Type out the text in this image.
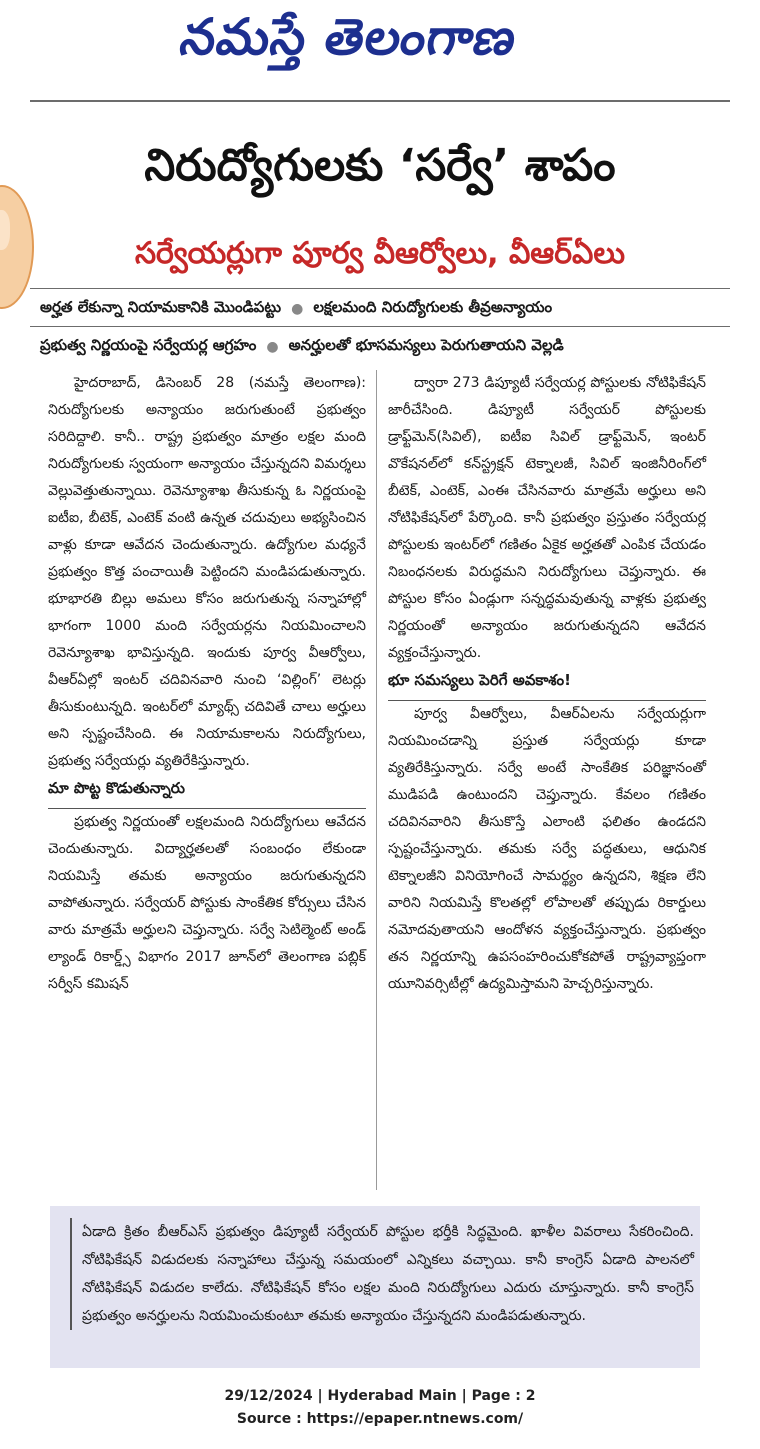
నమస్తే తెలంగాణ
నిరుద్యోగులకు ‘సర్వే’ శాపం
సర్వేయర్లుగా పూర్వ వీఆర్వోలు, వీఆర్‌ఏలు
అర్హత లేకున్నా నియామకానికి మొండిపట్టు ● లక్షలమంది నిరుద్యోగులకు తీవ్రఅన్యాయం
ప్రభుత్వ నిర్ణయంపై సర్వేయర్ల ఆగ్రహం ● అనర్హులతో భూసమస్యలు పెరుగుతాయని వెల్లడి

హైదరాబాద్‌, డిసెంబర్‌ 28 (నమస్తే తెలంగాణ): నిరుద్యోగులకు అన్యాయం జరుగుతుంటే ప్రభుత్వం సరిదిద్దాలి. కానీ.. రాష్ట్ర ప్రభుత్వం మాత్రం లక్షల మంది నిరుద్యోగులకు స్వయంగా అన్యాయం చేస్తున్నదని విమర్శలు వెల్లువెత్తుతున్నాయి. రెవెన్యూశాఖ తీసుకున్న ఓ నిర్ణయంపై ఐటీఐ, బీటెక్‌, ఎంటెక్‌ వంటి ఉన్నత చదువులు అభ్యసించిన వాళ్లు కూడా ఆవేదన చెందుతున్నారు. ఉద్యోగుల మధ్యనే ప్రభుత్వం కొత్త పంచాయితీ పెట్టిందని మండిపడుతున్నారు. భూభారతి బిల్లు అమలు కోసం జరుగుతున్న సన్నాహాల్లో భాగంగా 1000 మంది సర్వేయర్లను నియమించాలని రెవెన్యూశాఖ భావిస్తున్నది. ఇందుకు పూర్వ వీఆర్వోలు, వీఆర్‌ఏల్లో ఇంటర్‌ చదివినవారి నుంచి ‘విల్లింగ్‌’ లెటర్లు తీసుకుంటున్నది. ఇంటర్‌లో మ్యాథ్స్‌ చదివితే చాలు అర్హులు అని స్పష్టంచేసింది. ఈ నియామకాలను నిరుద్యోగులు, ప్రభుత్వ సర్వేయర్లు వ్యతిరేకిస్తున్నారు.

మా పొట్ట కొడుతున్నారు

ప్రభుత్వ నిర్ణయంతో లక్షలమంది నిరుద్యోగులు ఆవేదన చెందుతున్నారు. విద్యార్హతలతో సంబంధం లేకుండా నియమిస్తే తమకు అన్యాయం జరుగుతున్నదని వాపోతున్నారు. సర్వేయర్‌ పోస్టుకు సాంకేతిక కోర్సులు చేసిన వారు మాత్రమే అర్హులని చెప్తున్నారు. సర్వే సెటిల్మెంట్‌ అండ్‌ ల్యాండ్‌ రికార్డ్స్‌ విభాగం 2017 జూన్‌లో తెలంగాణ పబ్లిక్‌ సర్వీస్‌ కమిషన్‌

ద్వారా 273 డిప్యూటీ సర్వేయర్ల పోస్టులకు నోటిఫికేషన్‌ జారీచేసింది. డిప్యూటీ సర్వేయర్‌ పోస్టులకు డ్రాఫ్ట్‌మెన్‌(సివిల్‌), ఐటీఐ సివిల్‌ డ్రాఫ్ట్‌మెన్‌, ఇంటర్‌ వొకేషనల్‌లో కన్‌స్ట్రక్షన్‌ టెక్నాలజీ, సివిల్‌ ఇంజినీరింగ్‌లో బీటెక్‌, ఎంటెక్‌, ఎంఈ చేసినవారు మాత్రమే అర్హులు అని నోటిఫికేషన్‌లో పేర్కొంది. కానీ ప్రభుత్వం ప్రస్తుతం సర్వేయర్ల పోస్టులకు ఇంటర్‌లో గణితం ఏకైక అర్హతతో ఎంపిక చేయడం నిబంధనలకు విరుద్ధమని నిరుద్యోగులు చెప్తున్నారు. ఈ పోస్టుల కోసం ఏండ్లుగా సన్నద్ధమవుతున్న వాళ్లకు ప్రభుత్వ నిర్ణయంతో అన్యాయం జరుగుతున్నదని ఆవేదన వ్యక్తంచేస్తున్నారు.

భూ సమస్యలు పెరిగే అవకాశం!

పూర్వ వీఆర్వోలు, వీఆర్‌ఏలను సర్వేయర్లుగా నియమించడాన్ని ప్రస్తుత సర్వేయర్లు కూడా వ్యతిరేకిస్తున్నారు. సర్వే అంటే సాంకేతిక పరిజ్ఞానంతో ముడిపడి ఉంటుందని చెప్తున్నారు. కేవలం గణితం చదివినవారిని తీసుకొస్తే ఎలాంటి ఫలితం ఉండదని స్పష్టంచేస్తున్నారు. తమకు సర్వే పద్ధతులు, ఆధునిక టెక్నాలజీని వినియోగించే సామర్థ్యం ఉన్నదని, శిక్షణ లేని వారిని నియమిస్తే కొలతల్లో లోపాలతో తప్పుడు రికార్డులు నమోదవుతాయని ఆందోళన వ్యక్తంచేస్తున్నారు. ప్రభుత్వం తన నిర్ణయాన్ని ఉపసంహరించుకోకపోతే రాష్ట్రవ్యాప్తంగా యూనివర్సిటీల్లో ఉద్యమిస్తామని హెచ్చరిస్తున్నారు.

ఏడాది క్రితం బీఆర్‌ఎస్‌ ప్రభుత్వం డిప్యూటీ సర్వేయర్‌ పోస్టుల భర్తీకి సిద్ధమైంది. ఖాళీల వివరాలు సేకరించింది. నోటిఫికేషన్‌ విడుదలకు సన్నాహాలు చేస్తున్న సమయంలో ఎన్నికలు వచ్చాయి. కానీ కాంగ్రెస్‌ ఏడాది పాలనలో నోటిఫికేషన్‌ విడుదల కాలేదు. నోటిఫికేషన్‌ కోసం లక్షల మంది నిరుద్యోగులు ఎదురు చూస్తున్నారు. కానీ కాంగ్రెస్‌ ప్రభుత్వం అనర్హులను నియమించుకుంటూ తమకు అన్యాయం చేస్తున్నదని మండిపడుతున్నారు.
29/12/2024 | Hyderabad Main | Page : 2
Source : https://epaper.ntnews.com/
